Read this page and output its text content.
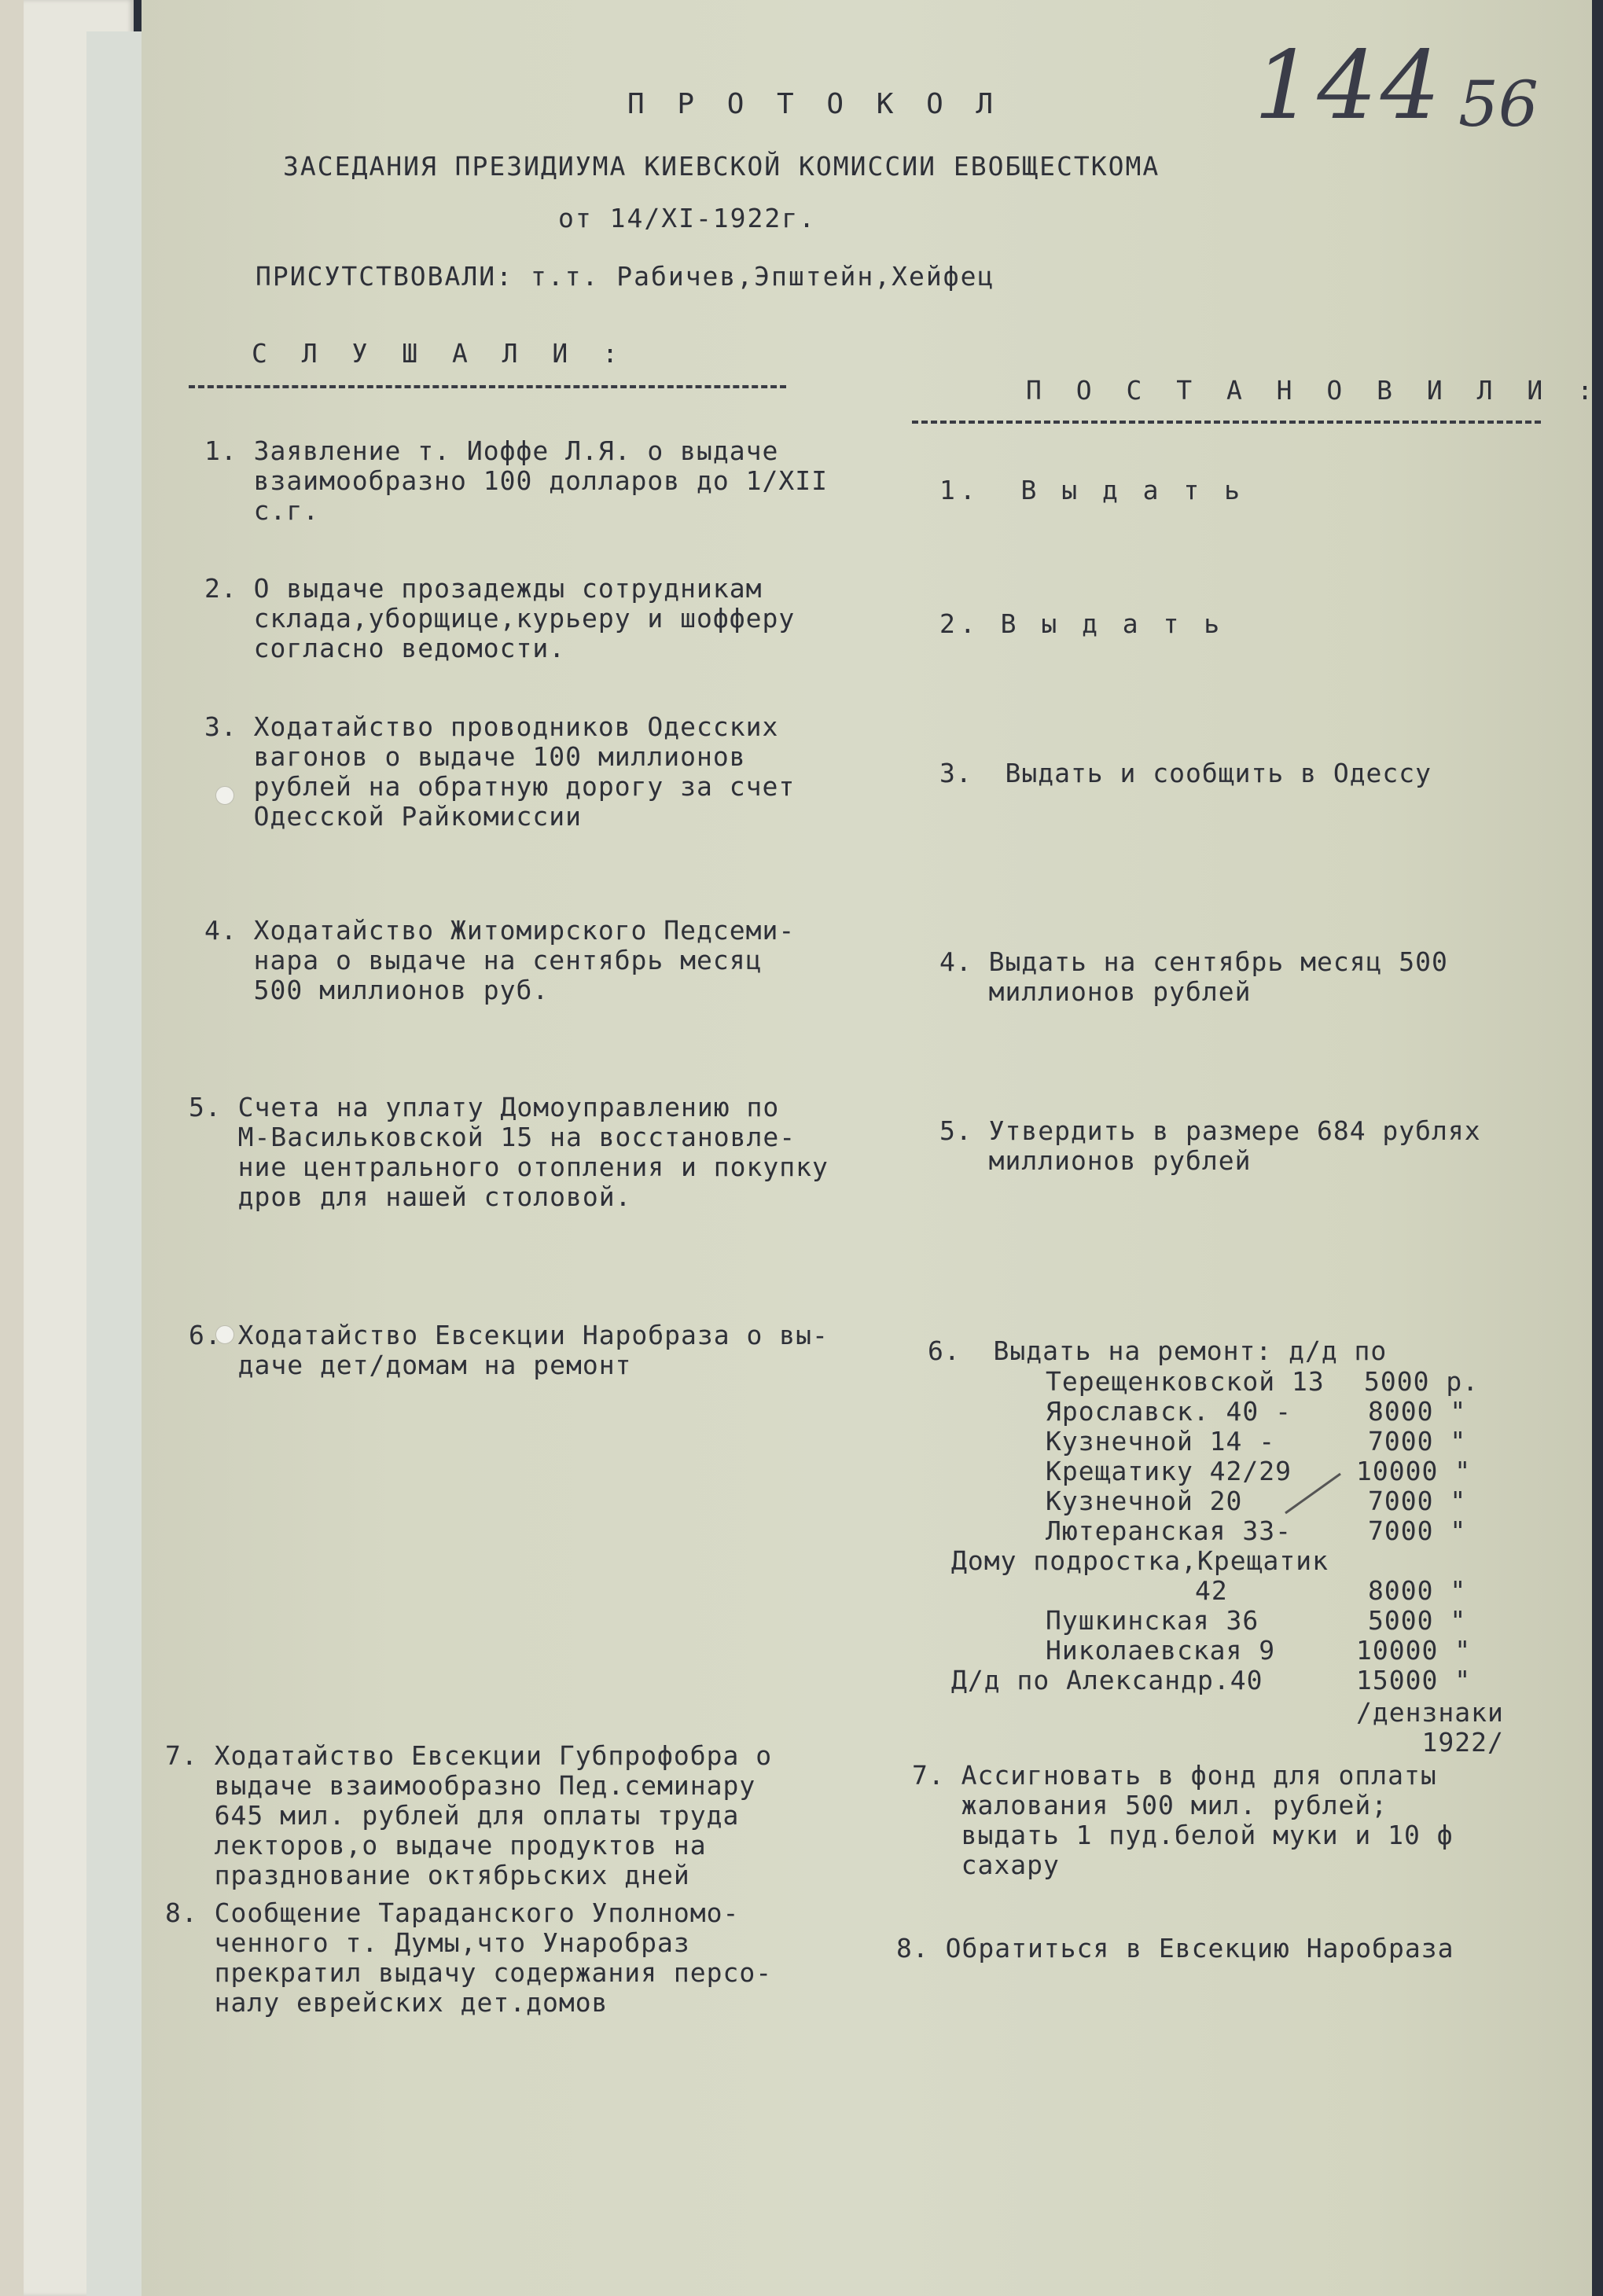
144 56
П Р О Т О К О Л
ЗАСЕДАНИЯ ПРЕЗИДИУМА КИЕВСКОЙ КОМИССИИ ЕВОБЩЕСТКОМА
от 14/XI-1922г.
ПРИСУТСТВОВАЛИ: т.т. Рабичев,Эпштейн,Хейфец
С Л У Ш А Л И :
П О С Т А Н О В И Л И :
1. Заявление т. Иоффе Л.Я. о выдаче
взаимообразно 100 долларов до 1/XII
с.г.
2. О выдаче прозадежды сотрудникам
склада,уборщице,курьеру и шофферу
согласно ведомости.
3. Ходатайство проводников Одесских
вагонов о выдаче 100 миллионов
рублей на обратную дорогу за счет
Одесской Райкомиссии
4. Ходатайство Житомирского Педсеми-
нара о выдаче на сентябрь месяц
500 миллионов руб.
5. Счета на уплату Домоуправлению по
М-Васильковской 15 на восстановле-
ние центрального отопления и покупку
дров для нашей столовой.
6. Ходатайство Евсекции Наробраза о вы-
даче дет/домам на ремонт
7. Ходатайство Евсекции Губпрофобра о
выдаче взаимообразно Пед.семинару
645 мил. рублей для оплаты труда
лекторов,о выдаче продуктов на
празднование октябрьских дней
8. Сообщение Тараданского Уполномо-
ченного т. Думы,что Унаробраз
прекратил выдачу содержания персо-
налу еврейских дет.домов
1.  В ы д а т ь
2. В ы д а т ь
3.  Выдать и сообщить в Одессу
4. Выдать на сентябрь месяц 500
миллионов рублей
5. Утвердить в размере 684 рублях
миллионов рублей
6.  Выдать на ремонт: д/д по
7. Ассигновать в фонд для оплаты
жалования 500 мил. рублей;
выдать 1 пуд.белой муки и 10 ф
сахару
8. Обратиться в Евсекцию Наробраза
Терещенковской 13 5000 р.
Ярославск. 40 -	8000 "
Кузнечной 14 -	7000 "
Крещатику 42/29 10000 "
Кузнечной 20	7000 "
Лютеранская 33-	7000 "
Дому подростка,Крещатик
42	8000 "
Пушкинская 36	5000 "
Николаевская 9	10000 "
Д/д по Александр.40	15000 "
/дензнаки
1922/
